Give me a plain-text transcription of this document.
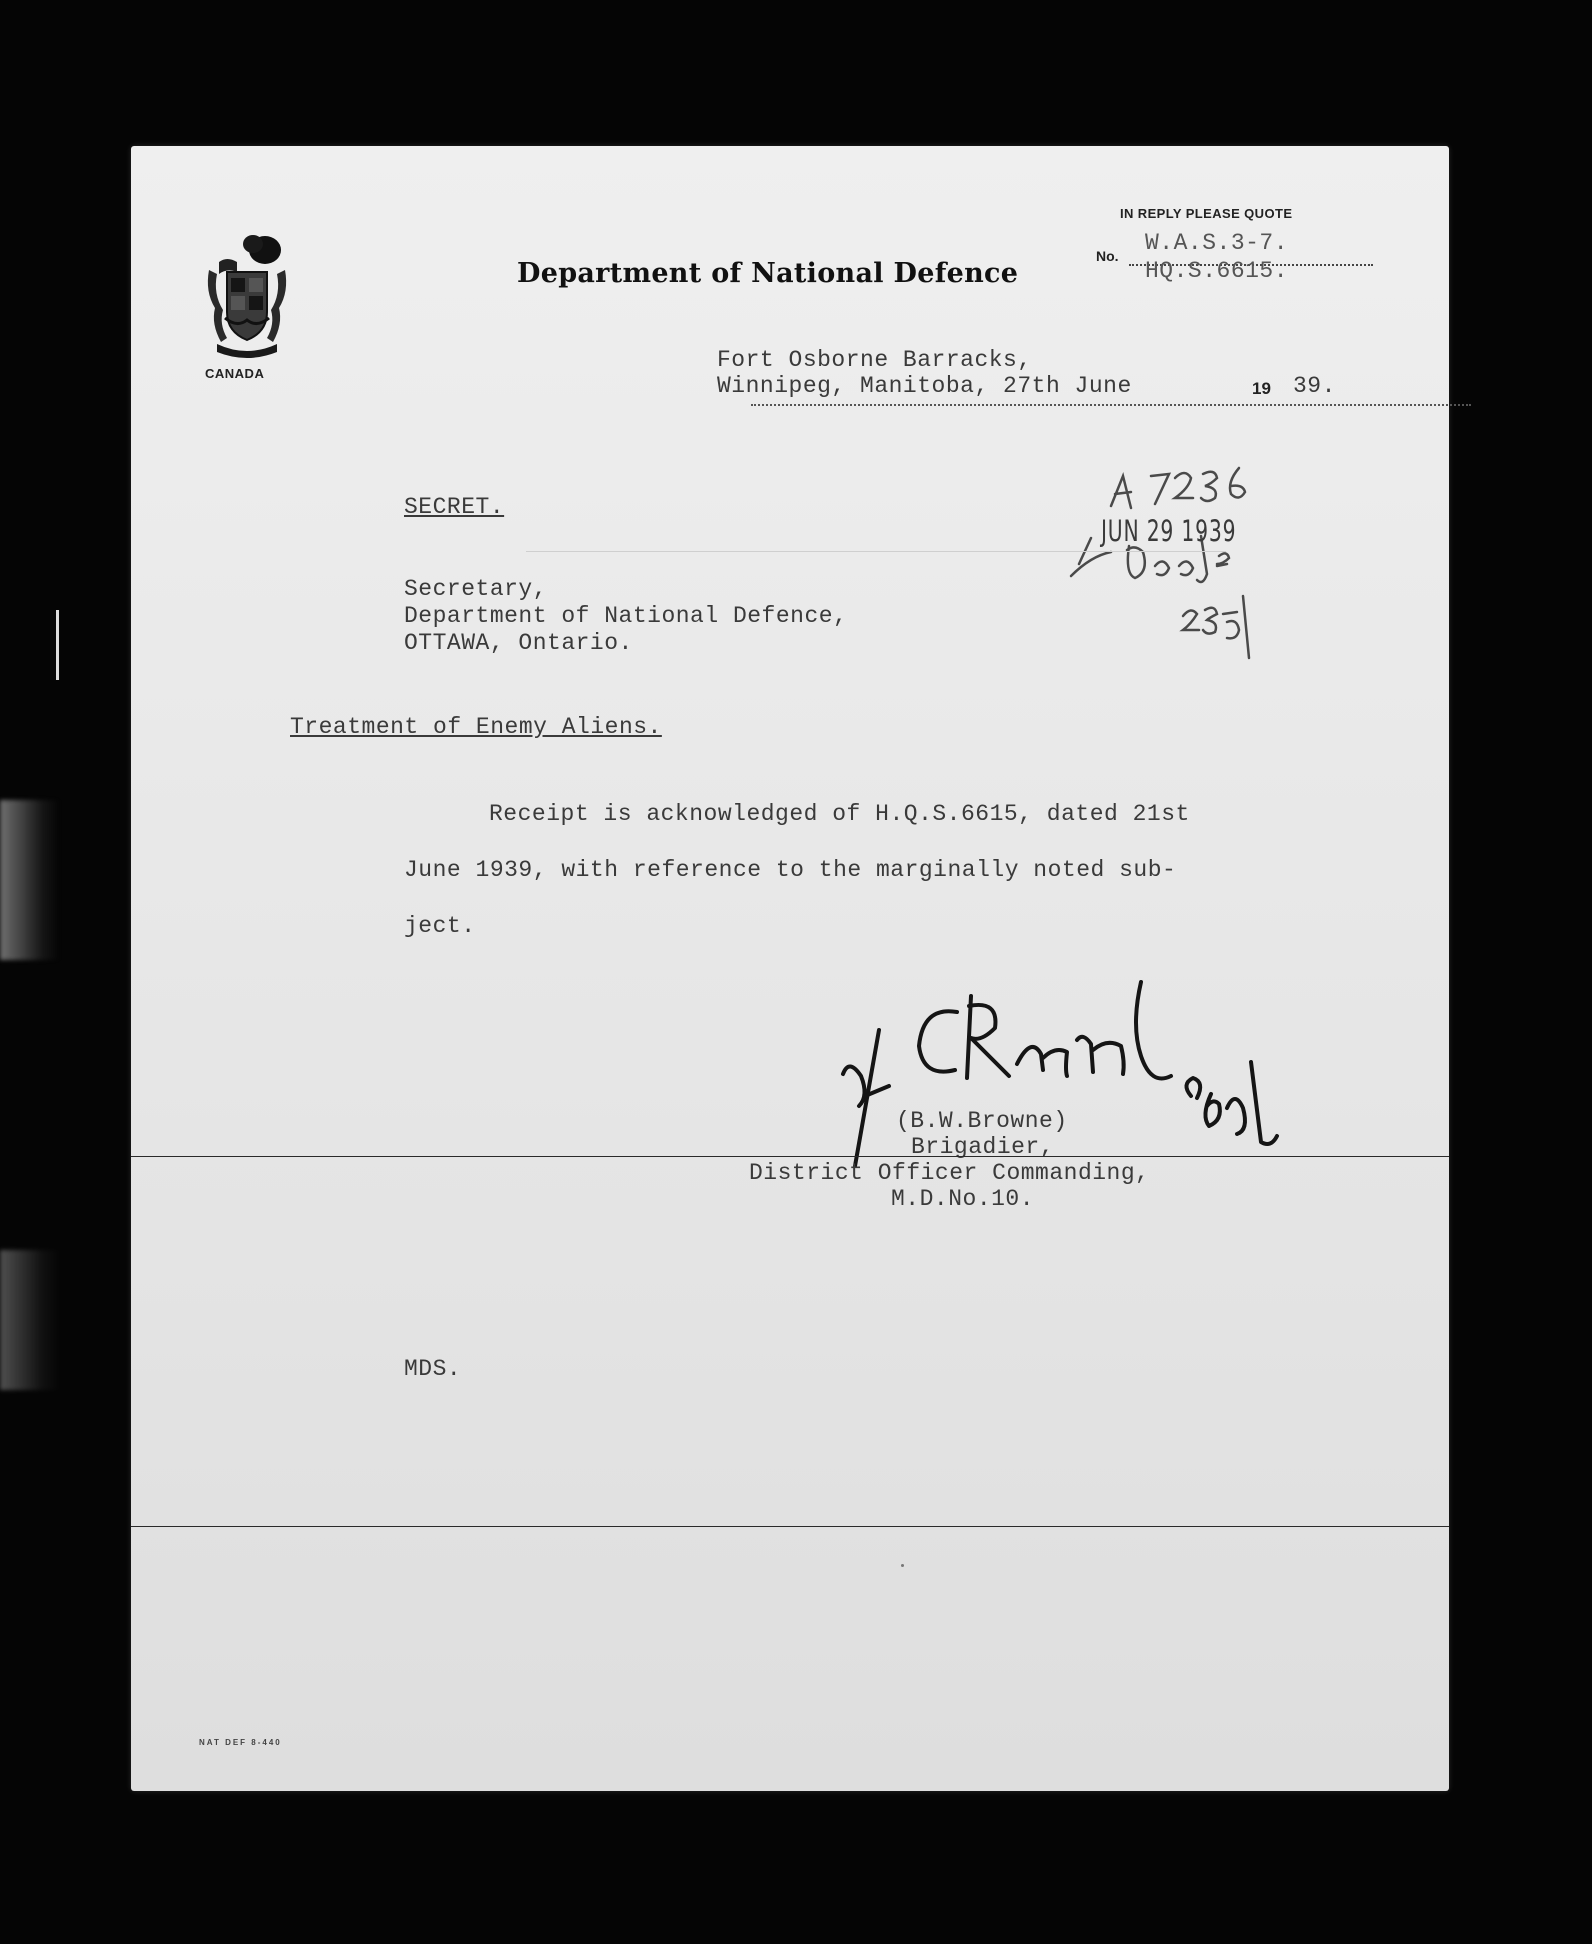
CANADA
Department of National Defence
IN REPLY PLEASE QUOTE
No. W.A.S.3-7.
HQ.S.6615.
Fort Osborne Barracks,
Winnipeg, Manitoba, 27th June	19 39.
SECRET.
JUN 29 1939
Secretary,
Department of National Defence,
OTTAWA, Ontario.
Treatment of Enemy Aliens.
Receipt is acknowledged of H.Q.S.6615, dated 21st
June 1939, with reference to the marginally noted sub-
ject.
(B.W.Browne)
Brigadier,
District Officer Commanding,
M.D.No.10.
MDS.
NAT DEF 8-440
